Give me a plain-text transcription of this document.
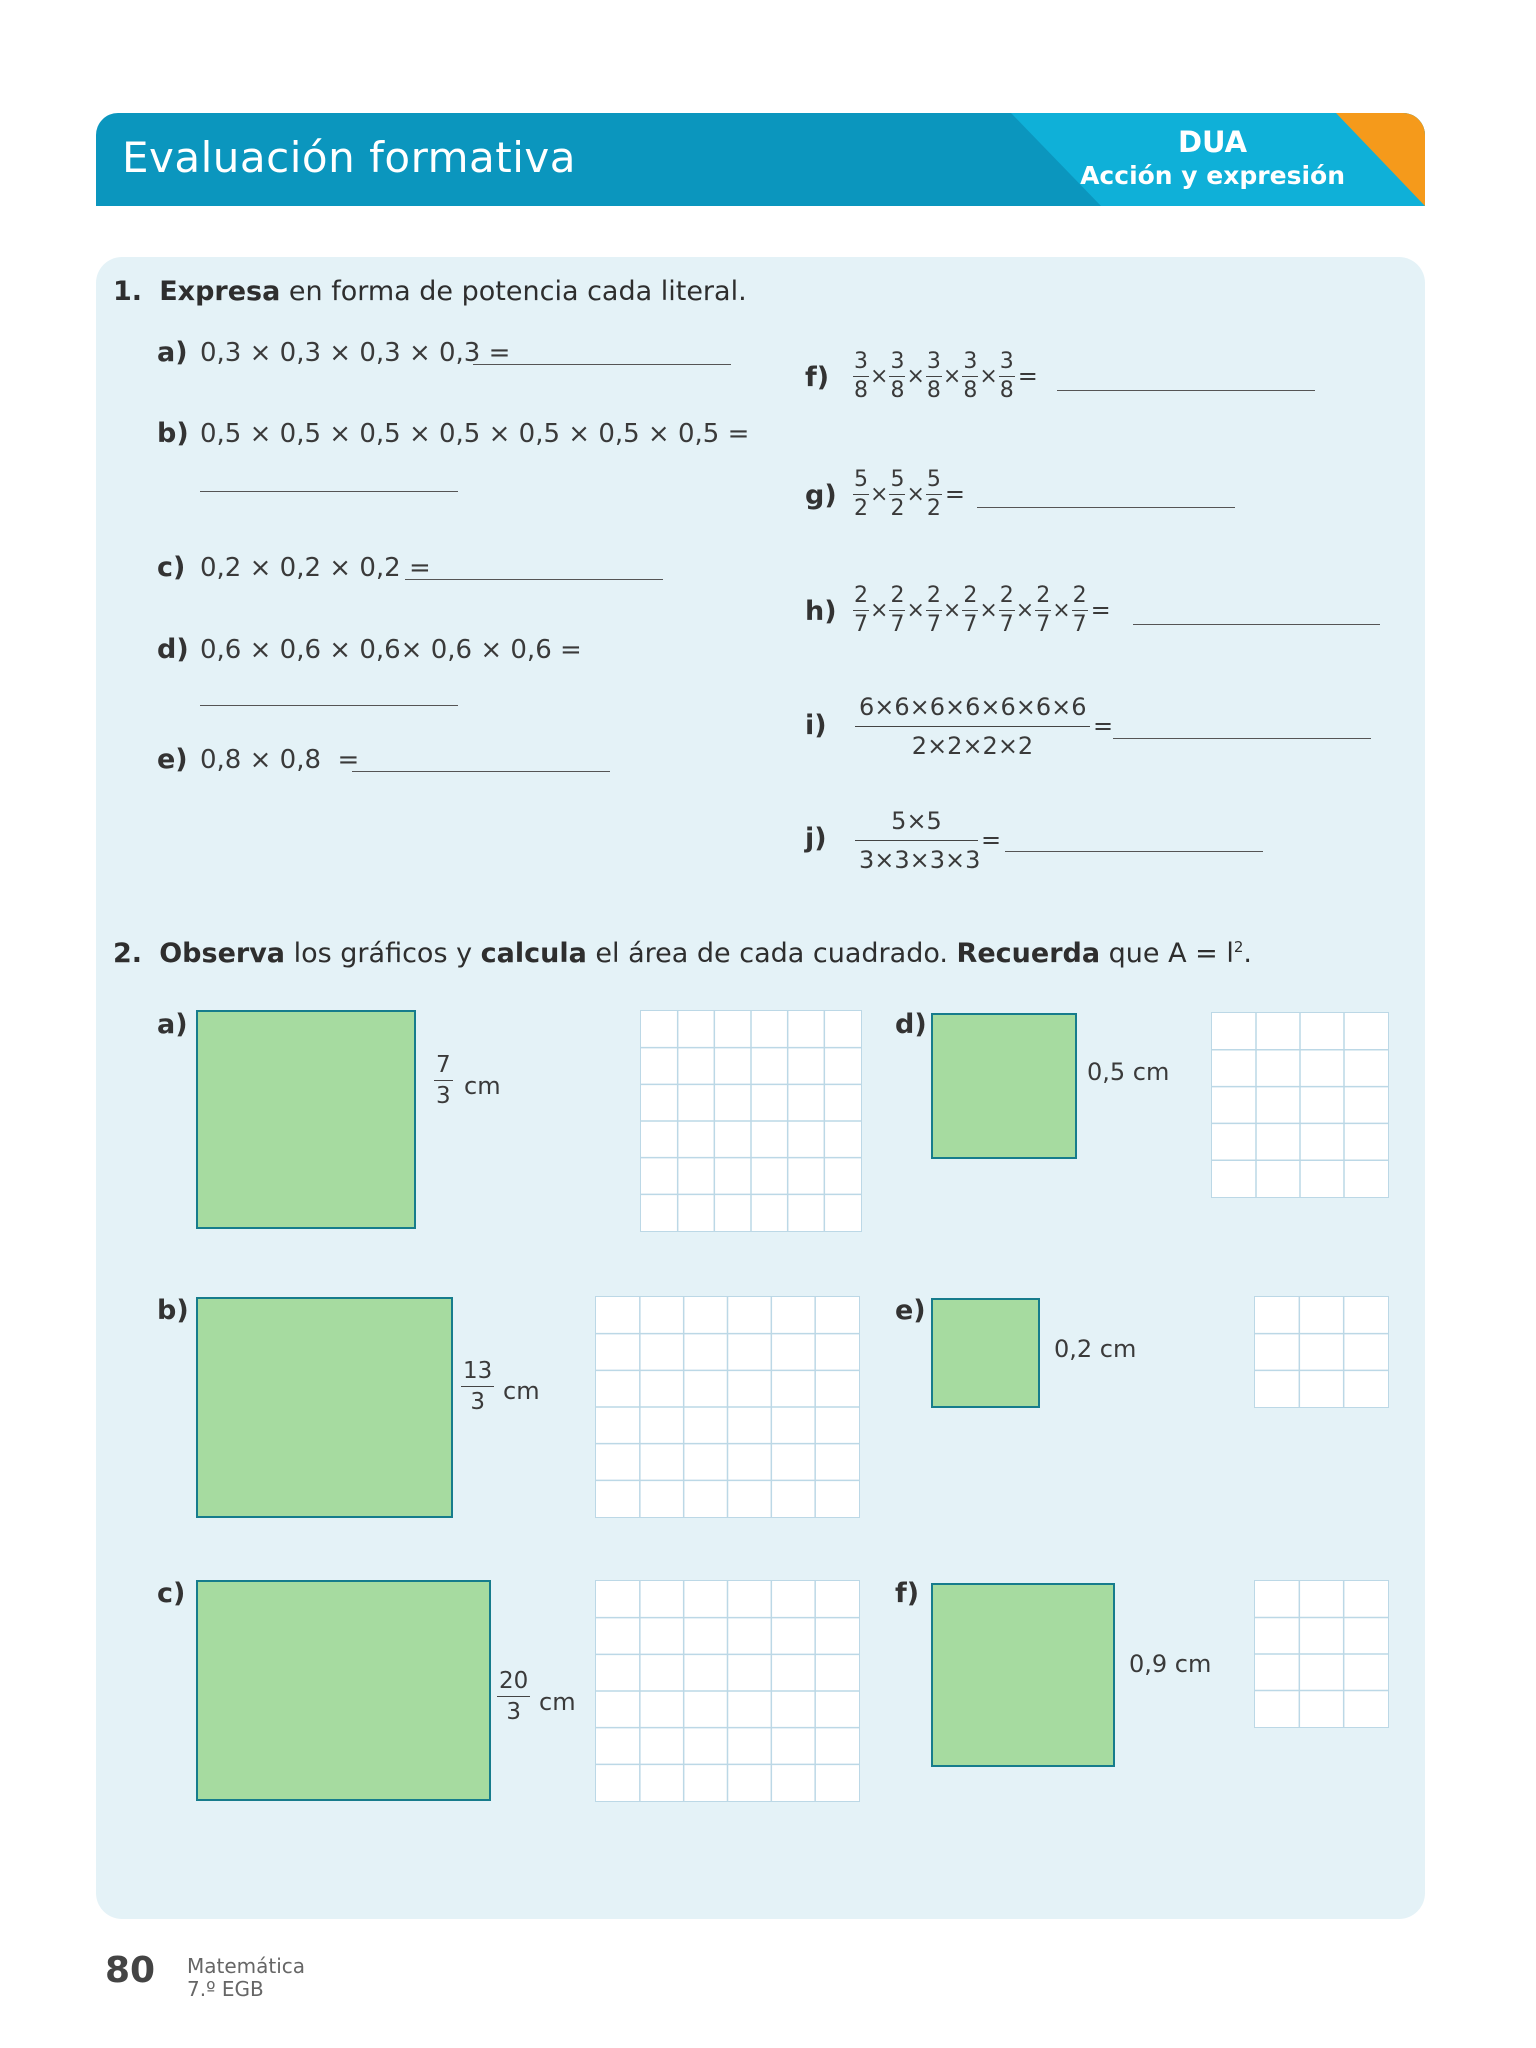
Evaluación formativa	DUA
Acción y expresión
1. Expresa en forma de potencia cada literal.
a) 0,3 × 0,3 × 0,3 × 0,3 =
b) 0,5 × 0,5 × 0,5 × 0,5 × 0,5 × 0,5 × 0,5 =
c) 0,2 × 0,2 × 0,2 =
d) 0,6 × 0,6 × 0,6× 0,6 × 0,6 =
e) 0,8 × 0,8  =
$f) \frac{3}{8} \times \frac{3}{8} \times \frac{3}{8} \times \frac{3}{8} \times \frac{3}{8}$ =
$g) \frac{5}{2} \times \frac{5}{2} \times \frac{5}{2}$ =
$h) \frac{2}{7} \times \frac{2}{7} \times \frac{2}{7} \times \frac{2}{7} \times \frac{2}{7} \times \frac{2}{7} \times \frac{2}{7}$ =
$i) \frac{6\times 6\times 6\times 6\times 6\times 6\times 6}{2\times 2\times 2\times 2}$ =
$j) \frac{5\times 5}{3\times 3\times 3\times 3}$ =
2. Observa los gráficos y calcula el área de cada cuadrado. Recuerda que $A = l^2$.
a)
$\frac{7}{3}$ cm
b)
$\frac{13}{3}$ cm
c)
$\frac{20}{3}$ cm
d)
0,5 cm
e)
0,2 cm
f)
0,9 cm
80 Matemática
7.º EGB
